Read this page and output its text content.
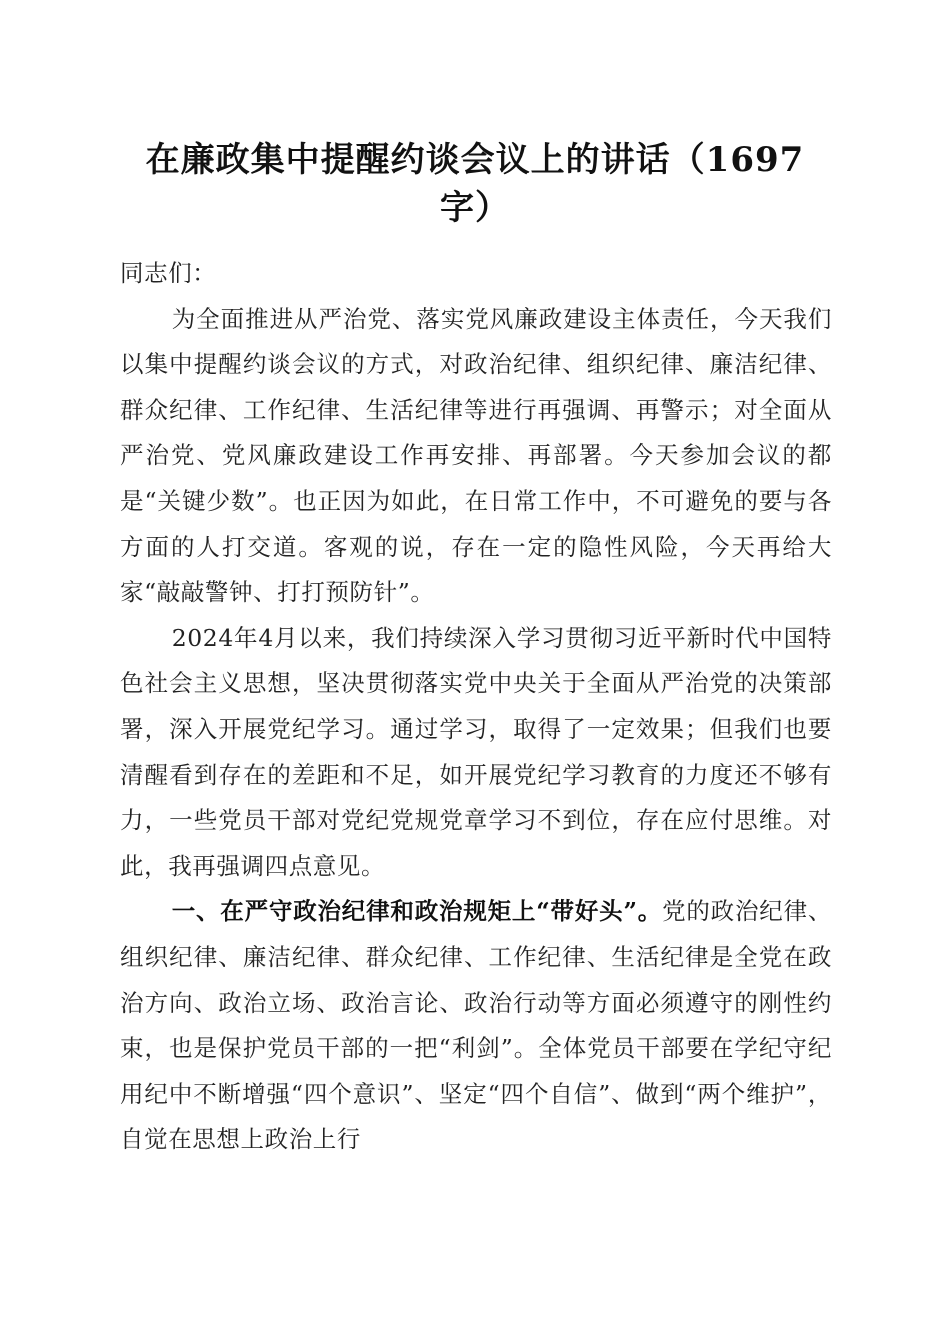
在廉政集中提醒约谈会议上的讲话（1697字）

同志们：

为全面推进从严治党、落实党风廉政建设主体责任，今天我们以集中提醒约谈会议的方式，对政治纪律、组织纪律、廉洁纪律、群众纪律、工作纪律、生活纪律等进行再强调、再警示；对全面从严治党、党风廉政建设工作再安排、再部署。今天参加会议的都是“关键少数”。也正因为如此，在日常工作中，不可避免的要与各方面的人打交道。客观的说，存在一定的隐性风险，今天再给大家“敲敲警钟、打打预防针”。

2024年4月以来，我们持续深入学习贯彻习近平新时代中国特色社会主义思想，坚决贯彻落实党中央关于全面从严治党的决策部署，深入开展党纪学习。通过学习，取得了一定效果；但我们也要清醒看到存在的差距和不足，如开展党纪学习教育的力度还不够有力，一些党员干部对党纪党规党章学习不到位，存在应付思维。对此，我再强调四点意见。

一、在严守政治纪律和政治规矩上“带好头”。党的政治纪律、组织纪律、廉洁纪律、群众纪律、工作纪律、生活纪律是全党在政治方向、政治立场、政治言论、政治行动等方面必须遵守的刚性约束，也是保护党员干部的一把“利剑”。全体党员干部要在学纪守纪用纪中不断增强“四个意识”、坚定“四个自信”、做到“两个维护”，自觉在思想上政治上行
